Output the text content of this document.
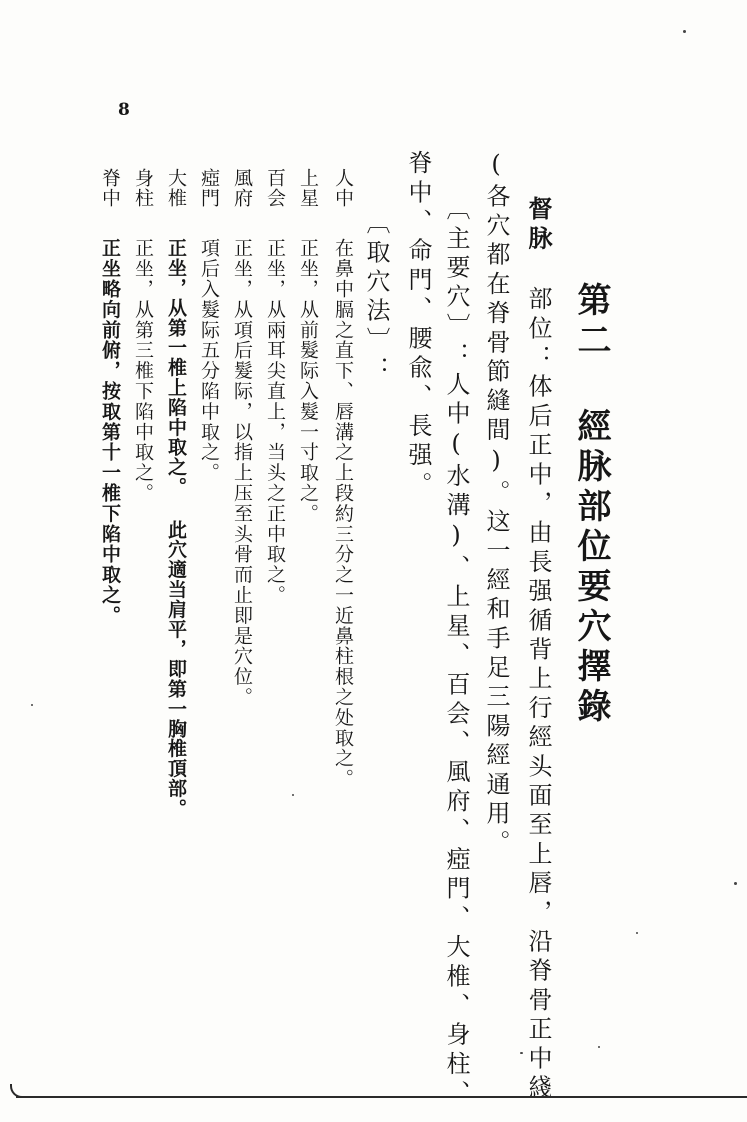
8
第二 經脉部位要穴擇錄
督脉
部位：体后正中，由長强循背上行經头面至上唇，沿脊骨正中綫
(各穴都在脊骨節縫間)。这一經和手足三陽經通用。
〔主要穴〕：人中(水溝)、上星、百会、風府、瘂門、大椎、身柱、
脊中、命門、腰兪、長强。
〔取穴法〕：
人中
在鼻中膈之直下、唇溝之上段約三分之一近鼻柱根之处取之。
上星
正坐，从前髮际入髮一寸取之。
百会
正坐，从兩耳尖直上，当头之正中取之。
風府
正坐，从項后髮际，以指上压至头骨而止即是穴位。
瘂門
項后入髮际五分陷中取之。
大椎
正坐，从第一椎上陷中取之。 此穴適当肩平，即第一胸椎頂部。
身柱
正坐，从第三椎下陷中取之。
脊中
正坐略向前俯，按取第十一椎下陷中取之。
